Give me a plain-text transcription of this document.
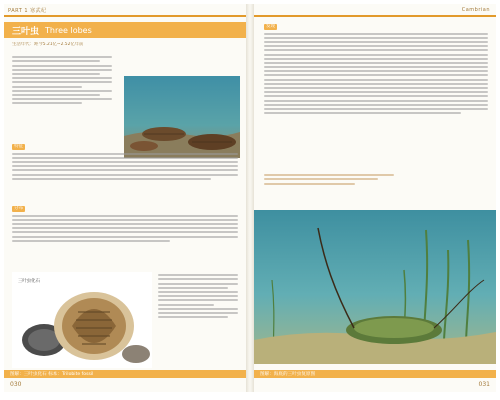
PART 1 寒武纪
三叶虫 Three lobes
生活年代：距今5.21亿~2.52亿年前
特征
分布
三叶虫化石
图解：三叶虫化石 标本：Trilobite fossil
030
Cambrian
发现
图解：海底的三叶虫复原图
031
